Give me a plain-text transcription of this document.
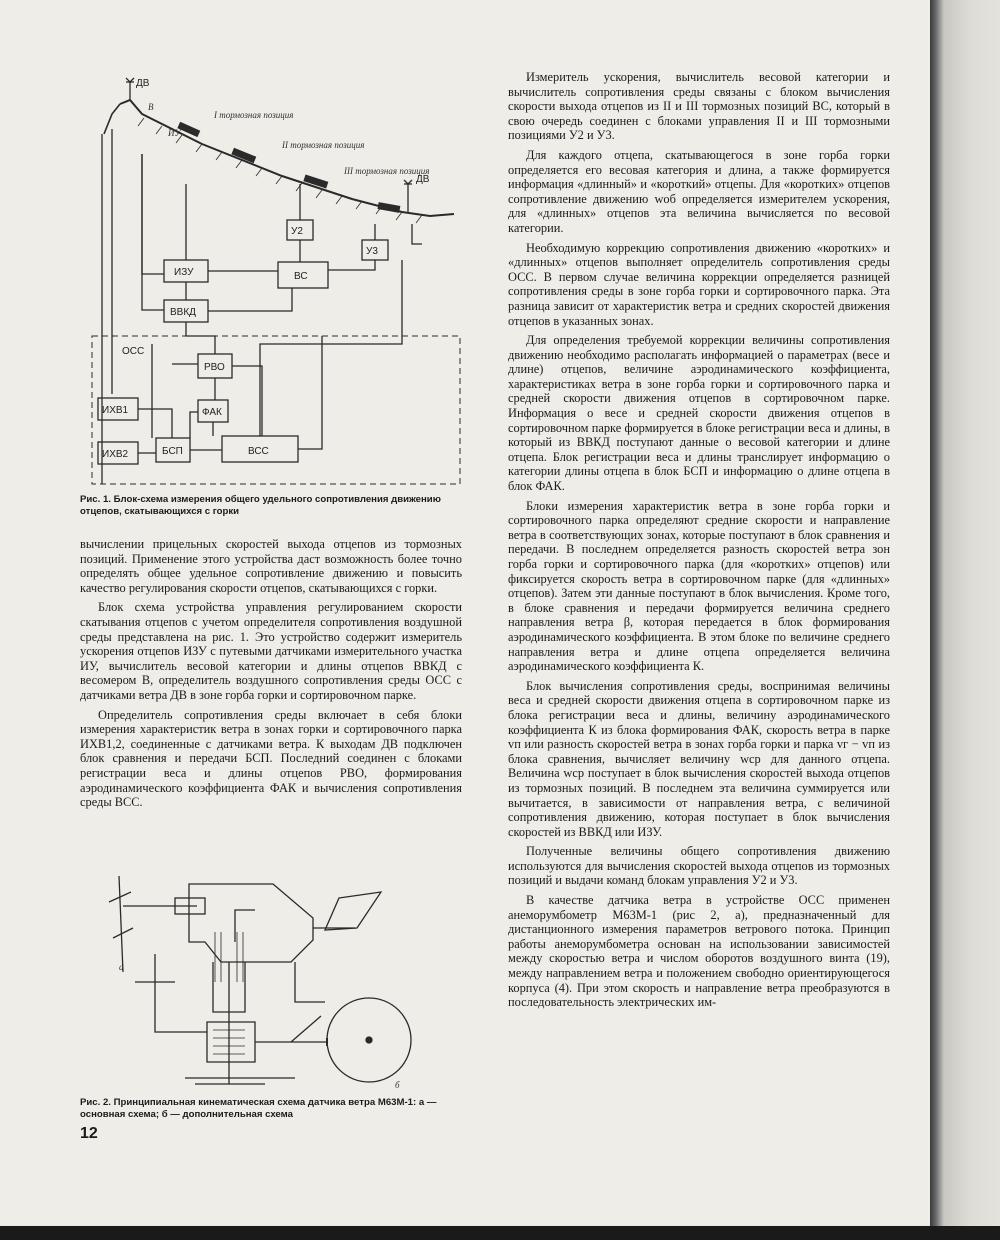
ДВ
ДВ
В
ИУ
I тормозная позиция
II тормозная позиция
III тормозная позиция
У2
У3
ИЗУ	ВС
ВВКД
ОСС
РВО
ФАК
ИХВ1
ИХВ2	БСП	ВСС
Рис. 1. Блок-схема измерения общего удельного сопротивления движению отцепов, скатывающихся с горки

вычислении прицельных скоростей выхода отцепов из тормозных позиций. Применение этого устройства даст возможность более точно определять общее удельное сопротивление движению и повысить качество регулирования скорости отцепов, скатывающихся с горки.

Блок схема устройства управления регулированием скорости скатывания отцепов с учетом определителя сопротивления воздушной среды представлена на рис. 1. Это устройство содержит измеритель ускорения отцепов ИЗУ с путевыми датчиками измерительного участка ИУ, вычислитель весовой категории и длины отцепов ВВКД с весомером В, определитель воздушного сопротивления среды ОСС с датчиками ветра ДВ в зоне горба горки и сортировочном парке.

Определитель сопротивления среды включает в себя блоки измерения характеристик ветра в зонах горки и сортировочного парка ИХВ1,2, соединенные с датчиками ветра. К выходам ДВ подключен блок сравнения и передачи БСП. Последний соединен с блоками регистрации веса и длины отцепов РВО, формирования аэродинамического коэффициента ФАК и вычисления сопротивления среды ВСС.

а
б
Рис. 2. Принципиальная кинематическая схема датчика ветра М63М-1: а — основная схема; б — дополнительная схема
12

Измеритель ускорения, вычислитель весовой категории и вычислитель сопротивления среды связаны с блоком вычисления скорости выхода отцепов из II и III тормозных позиций ВС, который в свою очередь соединен с блоками управления II и III тормозными позициями У2 и У3.

Для каждого отцепа, скатывающегося в зоне горба горки определяется его весовая категория и длина, а также формируется информация «длинный» и «короткий» отцепы. Для «коротких» отцепов сопротивление движению wоб определяется измерителем ускорения, для «длинных» отцепов эта величина вычисляется по весовой категории.

Необходимую коррекцию сопротивления движению «коротких» и «длинных» отцепов выполняет определитель сопротивления среды ОСС. В первом случае величина коррекции определяется разницей сопротивления среды в зоне горба горки и сортировочного парка. Эта разница зависит от характеристик ветра и средних скоростей движения отцепов в указанных зонах.

Для определения требуемой коррекции величины сопротивления движению необходимо располагать информацией о параметрах (весе и длине) отцепов, величине аэродинамического коэффициента, характеристиках ветра в зоне горба горки и сортировочного парка и средней скорости движения отцепов в сортировочном парке. Информация о весе и средней скорости движения отцепов в сортировочном парке формируется в блоке регистрации веса и длины, в который из ВВКД поступают данные о весовой категории и длине отцепа. Блок регистрации веса и длины транслирует информацию о категории длины отцепа в блок БСП и информацию о длине отцепа в блок ФАК.

Блоки измерения характеристик ветра в зоне горба горки и сортировочного парка определяют средние скорости и направление ветра в соответствующих зонах, которые поступают в блок сравнения и передачи. В последнем определяется разность скоростей ветра зон горба горки и сортировочного парка (для «коротких» отцепов) или фиксируется скорость ветра в сортировочном парке (для «длинных» отцепов). Затем эти данные поступают в блок вычисления. Кроме того, в блоке сравнения и передачи формируется величина среднего направления ветра β, которая передается в блок формирования аэродинамического коэффициента. В этом блоке по величине среднего направления ветра и длине отцепа определяется величина аэродинамического коэффициента К.

Блок вычисления сопротивления среды, воспринимая величины веса и средней скорости движения отцепа в сортировочном парке из блока регистрации веса и длины, величину аэродинамического коэффициента К из блока формирования ФАК, скорость ветра в парке vп или разность скоростей ветра в зонах горба горки и парка vг − vп из блока сравнения, вычисляет величину wср для данного отцепа. Величина wср поступает в блок вычисления скоростей выхода отцепов из тормозных позиций. В последнем эта величина суммируется или вычитается, в зависимости от направления ветра, с величиной сопротивления движению, которая поступает в блок вычисления скоростей из ВВКД или ИЗУ.

Полученные величины общего сопротивления движению используются для вычисления скоростей выхода отцепов из тормозных позиций и выдачи команд блокам управления У2 и У3.

В качестве датчика ветра в устройстве ОСС применен анеморумбометр М63М-1 (рис 2, а), предназначенный для дистанционного измерения параметров ветрового потока. Принцип работы анеморумбометра основан на использовании зависимостей между скоростью ветра и числом оборотов воздушного винта (19), между направлением ветра и положением свободно ориентирующегося корпуса (4). При этом скорость и направление ветра преобразуются в последовательность электрических им-
